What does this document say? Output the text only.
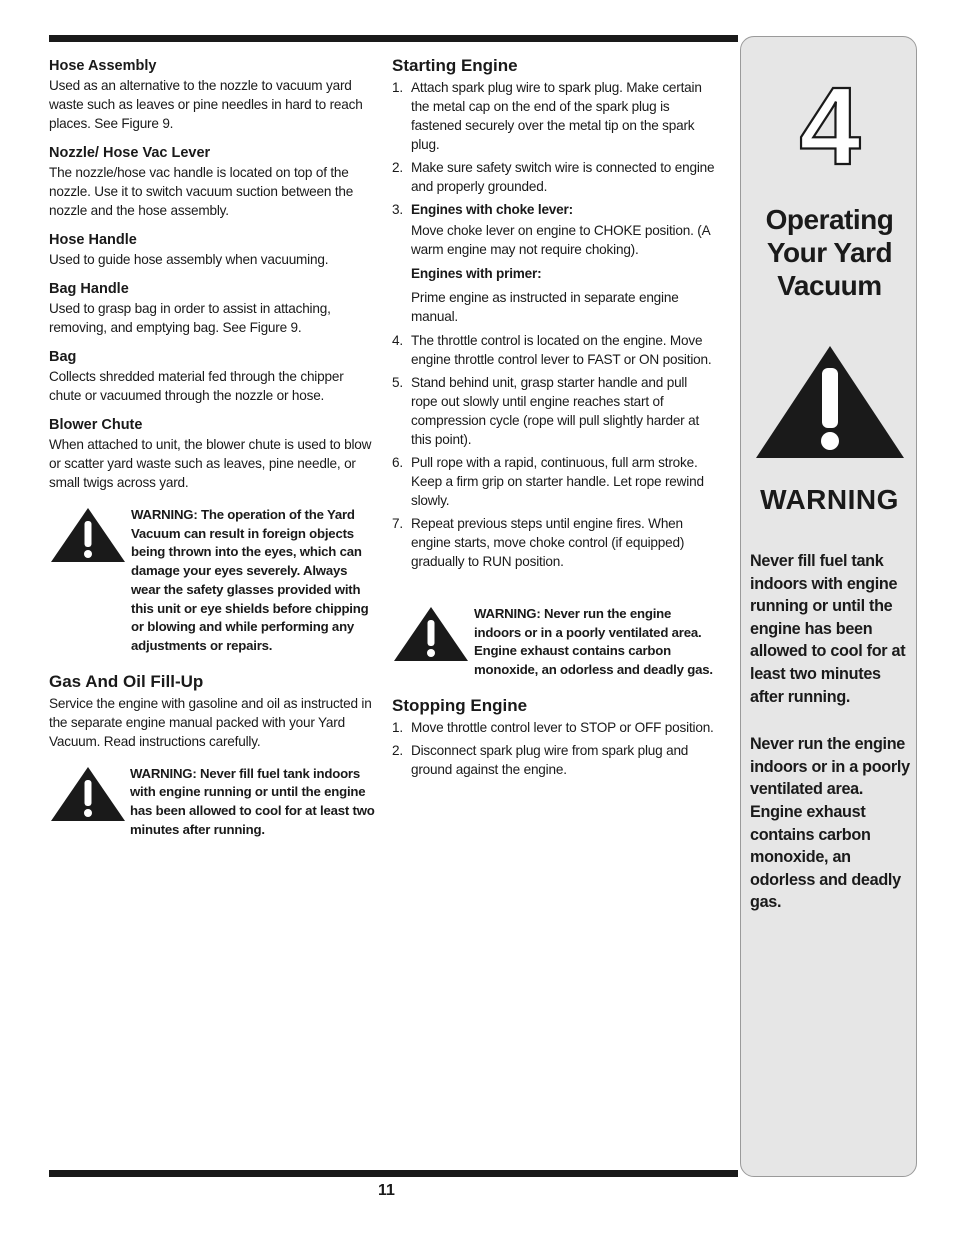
Hose Assembly

Used as an alternative to the nozzle to vacuum yard waste such as leaves or pine needles in hard to reach places. See Figure 9.

Nozzle/ Hose Vac Lever

The nozzle/hose vac handle is located on top of the nozzle. Use it to switch vacuum suction between the nozzle and the hose assembly.

Hose Handle

Used to guide hose assembly when vacuuming.

Bag Handle

Used to grasp bag in order to assist in attaching, removing, and emptying bag. See Figure 9.

Bag

Collects shredded material fed through the chipper chute or vacuumed through the nozzle or hose.

Blower Chute

When attached to unit, the blower chute is used to blow or scatter yard waste such as leaves, pine needle, or small twigs across yard.

WARNING: The operation of the Yard Vacuum can result in foreign objects being thrown into the eyes, which can damage your eyes severely. Always wear the safety glasses provided with this unit or eye shields before chipping or blowing and while performing any adjustments or repairs.
Gas And Oil Fill-Up

Service the engine with gasoline and oil as instructed in the separate engine manual packed with your Yard Vacuum. Read instructions carefully.

WARNING: Never fill fuel tank indoors with engine running or until the engine has been allowed to cool for at least two minutes after running.
Starting Engine
1. Attach spark plug wire to spark plug. Make certain the metal cap on the end of the spark plug is fastened securely over the metal tip on the spark plug.
2. Make sure safety switch wire is connected to engine and properly grounded.
3. Engines with choke lever:
Move choke lever on engine to CHOKE position. (A warm engine may not require choking).
Engines with primer:
Prime engine as instructed in separate engine manual.
4. The throttle control is located on the engine. Move engine throttle control lever to FAST or ON position.
5. Stand behind unit, grasp starter handle and pull rope out slowly until engine reaches start of compression cycle (rope will pull slightly harder at this point).
6. Pull rope with a rapid, continuous, full arm stroke. Keep a firm grip on starter handle. Let rope rewind slowly.
7. Repeat previous steps until engine fires. When engine starts, move choke control (if equipped) gradually to RUN position.
WARNING: Never run the engine indoors or in a poorly ventilated area. Engine exhaust contains carbon monoxide, an odorless and deadly gas.
Stopping Engine
1. Move throttle control lever to STOP or OFF position.
2. Disconnect spark plug wire from spark plug and ground against the engine.
4
Operating
Your Yard
Vacuum
WARNING

Never fill fuel tank indoors with engine running or until the engine has been allowed to cool for at least two minutes after running.

Never run the engine indoors or in a poorly ventilated area. Engine exhaust contains carbon monoxide, an odorless and deadly gas.

11
